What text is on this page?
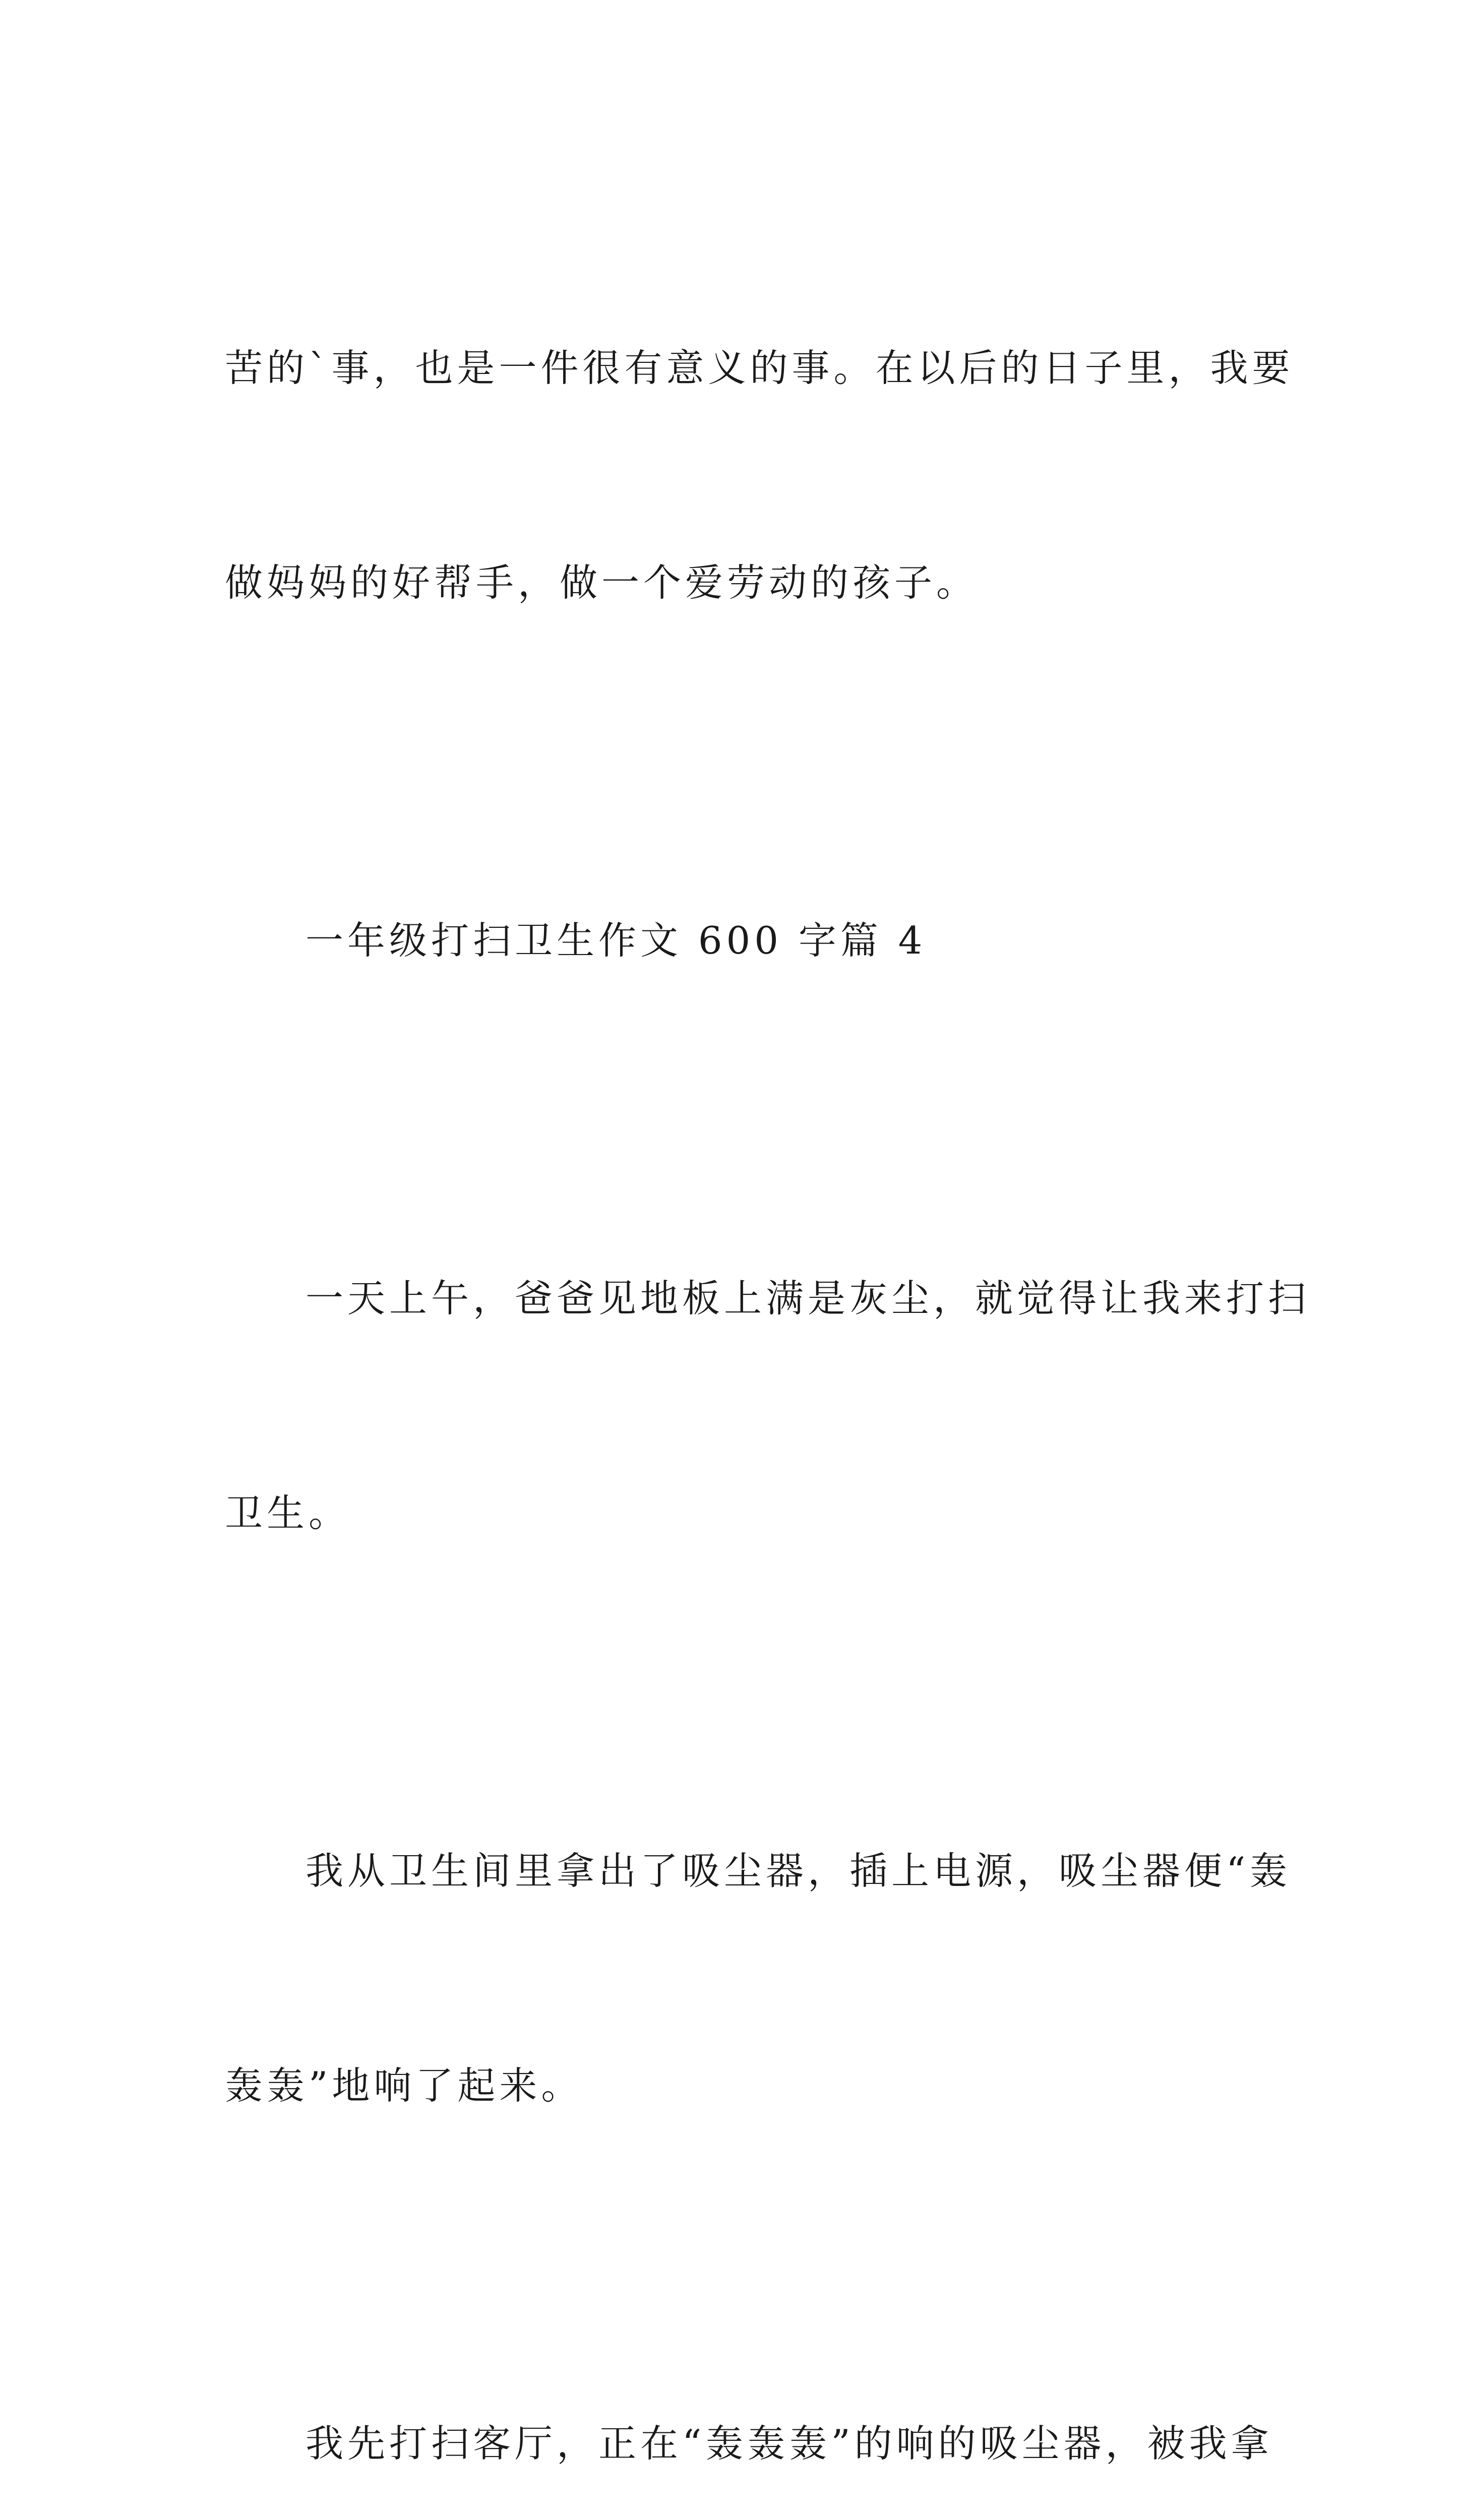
苦的`事，也是一件很有意义的事。在以后的日子里，我要

做妈妈的好帮手，做一个爱劳动的孩子。

一年级打扫卫生作文 600 字篇 4

一天上午，爸爸见地板上满是灰尘，就觉得让我来打扫

卫生。

我从卫生间里拿出了吸尘器，插上电源，吸尘器便“轰

轰轰”地响了起来。

我先打扫客厅，正在“轰轰轰”的响的吸尘器，被我拿
